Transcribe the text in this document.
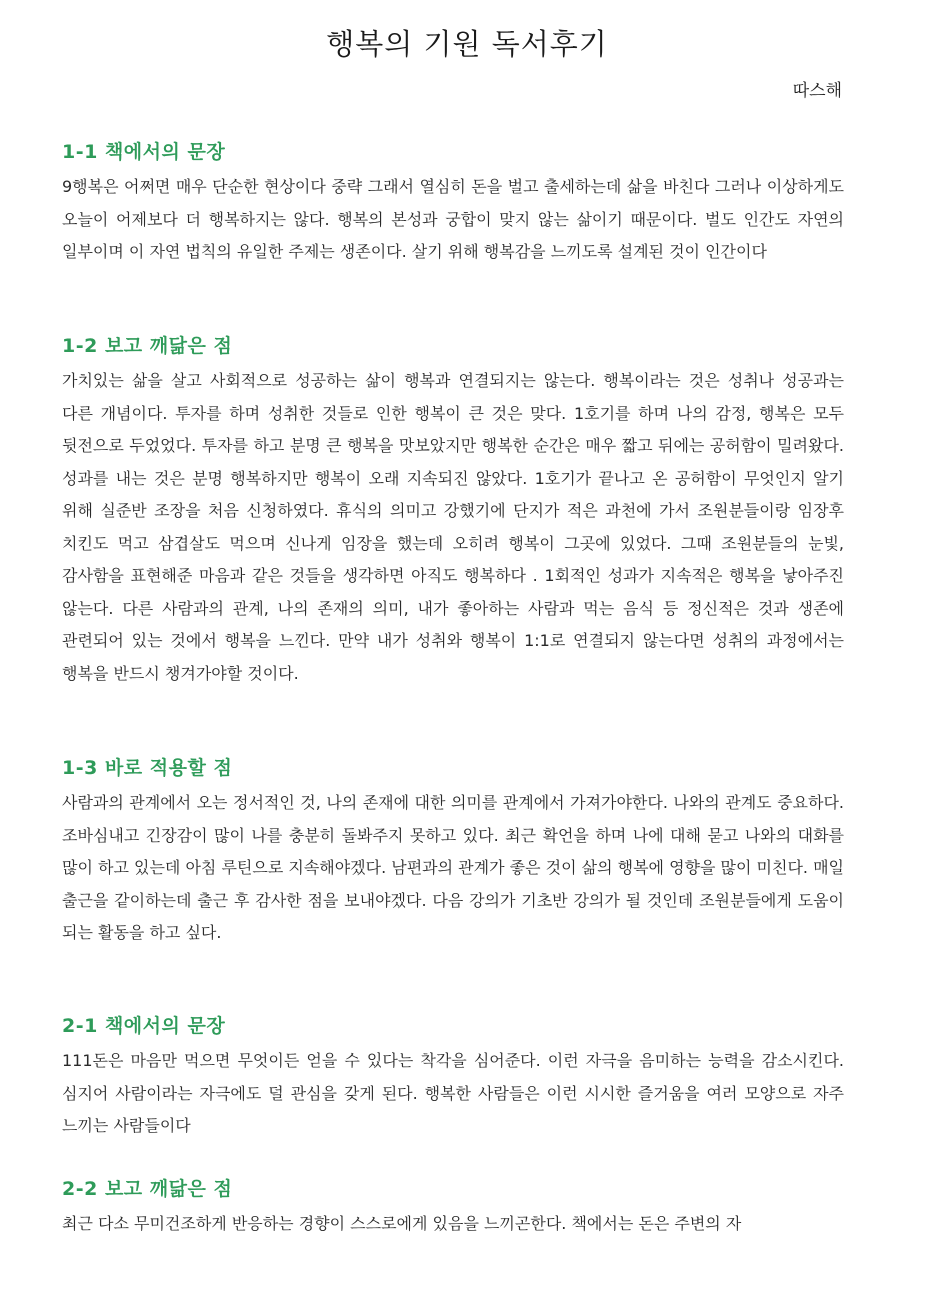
행복의 기원 독서후기
따스해
1-1 책에서의 문장

9행복은 어쩌면 매우 단순한 현상이다 중략 그래서 열심히 돈을 벌고 출세하는데 삶을 바친다 그러나 이상하게도 오늘이 어제보다 더 행복하지는 않다. 행복의 본성과 궁합이 맞지 않는 삶이기 때문이다. 벌도 인간도 자연의 일부이며 이 자연 법칙의 유일한 주제는 생존이다. 살기 위해 행복감을 느끼도록 설계된 것이 인간이다

1-2 보고 깨닮은 점

가치있는 삶을 살고 사회적으로 성공하는 삶이 행복과 연결되지는 않는다. 행복이라는 것은 성취나 성공과는 다른 개념이다. 투자를 하며 성취한 것들로 인한 행복이 큰 것은 맞다. 1호기를 하며 나의 감정, 행복은 모두 뒷전으로 두었었다. 투자를 하고 분명 큰 행복을 맛보았지만 행복한 순간은 매우 짧고 뒤에는 공허함이 밀려왔다. 성과를 내는 것은 분명 행복하지만 행복이 오래 지속되진 않았다. 1호기가 끝나고 온 공허함이 무엇인지 알기 위해 실준반 조장을 처음 신청하였다. 휴식의 의미고 강했기에 단지가 적은 과천에 가서 조원분들이랑 임장후 치킨도 먹고 삼겹살도 먹으며 신나게 임장을 했는데 오히려 행복이 그곳에 있었다. 그때 조원분들의 눈빛, 감사함을 표현해준 마음과 같은 것들을 생각하면 아직도 행복하다 . 1회적인 성과가 지속적은 행복을 낳아주진 않는다. 다른 사람과의 관계, 나의 존재의 의미, 내가 좋아하는 사람과 먹는 음식 등 정신적은 것과 생존에 관련되어 있는 것에서 행복을 느낀다. 만약 내가 성취와 행복이 1:1로 연결되지 않는다면 성취의 과정에서는 행복을 반드시 챙겨가야할 것이다.

1-3 바로 적용할 점

사람과의 관계에서 오는 정서적인 것, 나의 존재에 대한 의미를 관계에서 가져가야한다. 나와의 관계도 중요하다. 조바심내고 긴장감이 많이 나를 충분히 돌봐주지 못하고 있다. 최근 확언을 하며 나에 대해 묻고 나와의 대화를 많이 하고 있는데 아침 루틴으로 지속해야겠다. 남편과의 관계가 좋은 것이 삶의 행복에 영향을 많이 미친다. 매일 출근을 같이하는데 출근 후 감사한 점을 보내야겠다. 다음 강의가 기초반 강의가 될 것인데 조원분들에게 도움이 되는 활동을 하고 싶다.

2-1 책에서의 문장

111돈은 마음만 먹으면 무엇이든 얻을 수 있다는 착각을 심어준다. 이런 자극을 음미하는 능력을 감소시킨다. 심지어 사람이라는 자극에도 덜 관심을 갖게 된다. 행복한 사람들은 이런 시시한 즐거움을 여러 모양으로 자주 느끼는 사람들이다

2-2 보고 깨닮은 점

최근 다소 무미건조하게 반응하는 경향이 스스로에게 있음을 느끼곤한다. 책에서는 돈은 주변의 자
